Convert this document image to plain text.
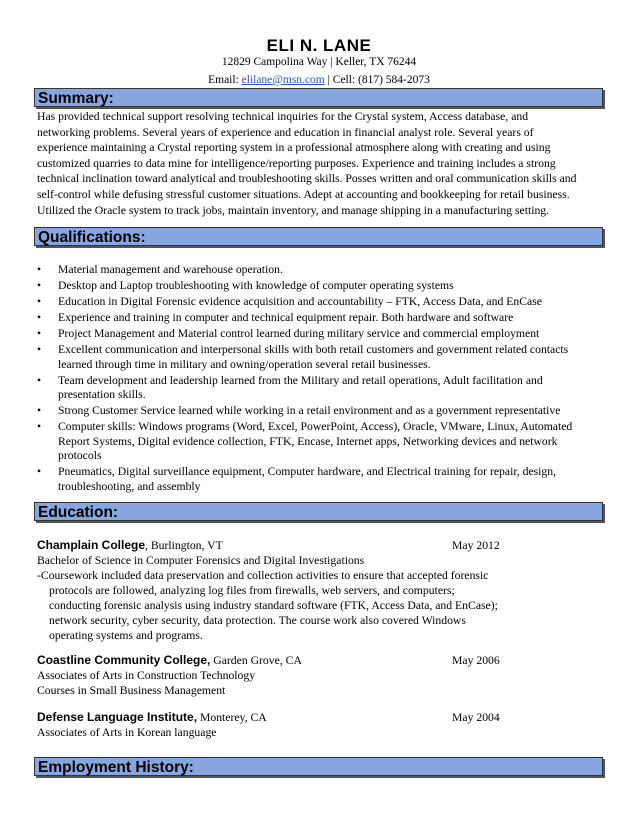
ELI N. LANE
12829 Campolina Way | Keller, TX 76244
Email: elilane@msn.com | Cell: (817) 584-2073
Summary:
Has provided technical support resolving technical inquiries for the Crystal system, Access database, and
networking problems. Several years of experience and education in financial analyst role. Several years of
experience maintaining a Crystal reporting system in a professional atmosphere along with creating and using
customized quarries to data mine for intelligence/reporting purposes. Experience and training includes a strong
technical inclination toward analytical and troubleshooting skills. Posses written and oral communication skills and
self-control while defusing stressful customer situations. Adept at accounting and bookkeeping for retail business.
Utilized the Oracle system to track jobs, maintain inventory, and manage shipping in a manufacturing setting.
Qualifications:
• Material management and warehouse operation.
• Desktop and Laptop troubleshooting with knowledge of computer operating systems
• Education in Digital Forensic evidence acquisition and accountability – FTK, Access Data, and EnCase
• Experience and training in computer and technical equipment repair. Both hardware and software
• Project Management and Material control learned during military service and commercial employment
• Excellent communication and interpersonal skills with both retail customers and government related contacts
learned through time in military and owning/operation several retail businesses.
• Team development and leadership learned from the Military and retail operations, Adult facilitation and
presentation skills.
• Strong Customer Service learned while working in a retail environment and as a government representative
• Computer skills: Windows programs (Word, Excel, PowerPoint, Access), Oracle, VMware, Linux, Automated
Report Systems, Digital evidence collection, FTK, Encase, Internet apps, Networking devices and network
protocols
• Pneumatics, Digital surveillance equipment, Computer hardware, and Electrical training for repair, design,
troubleshooting, and assembly
Education:
Champlain College, Burlington, VT	May 2012
Bachelor of Science in Computer Forensics and Digital Investigations
-Coursework included data preservation and collection activities to ensure that accepted forensic
protocols are followed, analyzing log files from firewalls, web servers, and computers;
conducting forensic analysis using industry standard software (FTK, Access Data, and EnCase);
network security, cyber security, data protection. The course work also covered Windows
operating systems and programs.
Coastline Community College, Garden Grove, CA	May 2006
Associates of Arts in Construction Technology
Courses in Small Business Management
Defense Language Institute, Monterey, CA	May 2004
Associates of Arts in Korean language
Employment History:
